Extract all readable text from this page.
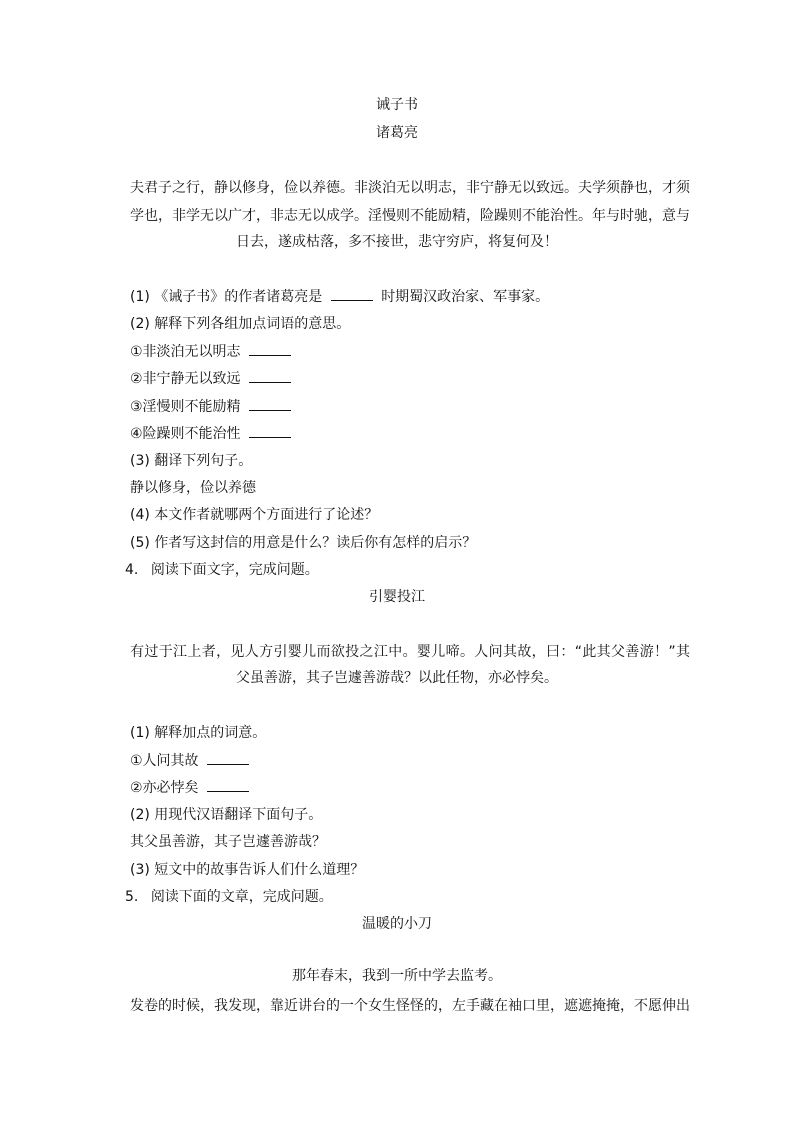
诫子书
诸葛亮
夫君子之行，静以修身，俭以养德。非淡泊无以明志，非宁静无以致远。夫学须静也，才须
学也，非学无以广才，非志无以成学。淫慢则不能励精，险躁则不能治性。年与时驰，意与
日去，遂成枯落，多不接世，悲守穷庐，将复何及！
(1) 《诫子书》的作者诸葛亮是	时期蜀汉政治家、军事家。
(2) 解释下列各组加点词语的意思。
①非淡泊无以明志
②非宁静无以致远
③淫慢则不能励精
④险躁则不能治性
(3) 翻译下列句子。
静以修身，俭以养德
(4) 本文作者就哪两个方面进行了论述？
(5) 作者写这封信的用意是什么？读后你有怎样的启示？
4. 阅读下面文字，完成问题。
引婴投江
有过于江上者，见人方引婴儿而欲投之江中。婴儿啼。人问其故，曰：“此其父善游！”其
父虽善游，其子岂遽善游哉？以此任物，亦必悖矣。
(1) 解释加点的词意。
①人问其故
②亦必悖矣
(2) 用现代汉语翻译下面句子。
其父虽善游，其子岂遽善游哉？
(3) 短文中的故事告诉人们什么道理？
5. 阅读下面的文章，完成问题。
温暖的小刀
那年春末，我到一所中学去监考。
发卷的时候，我发现，靠近讲台的一个女生怪怪的，左手藏在袖口里，遮遮掩掩，不愿伸出
